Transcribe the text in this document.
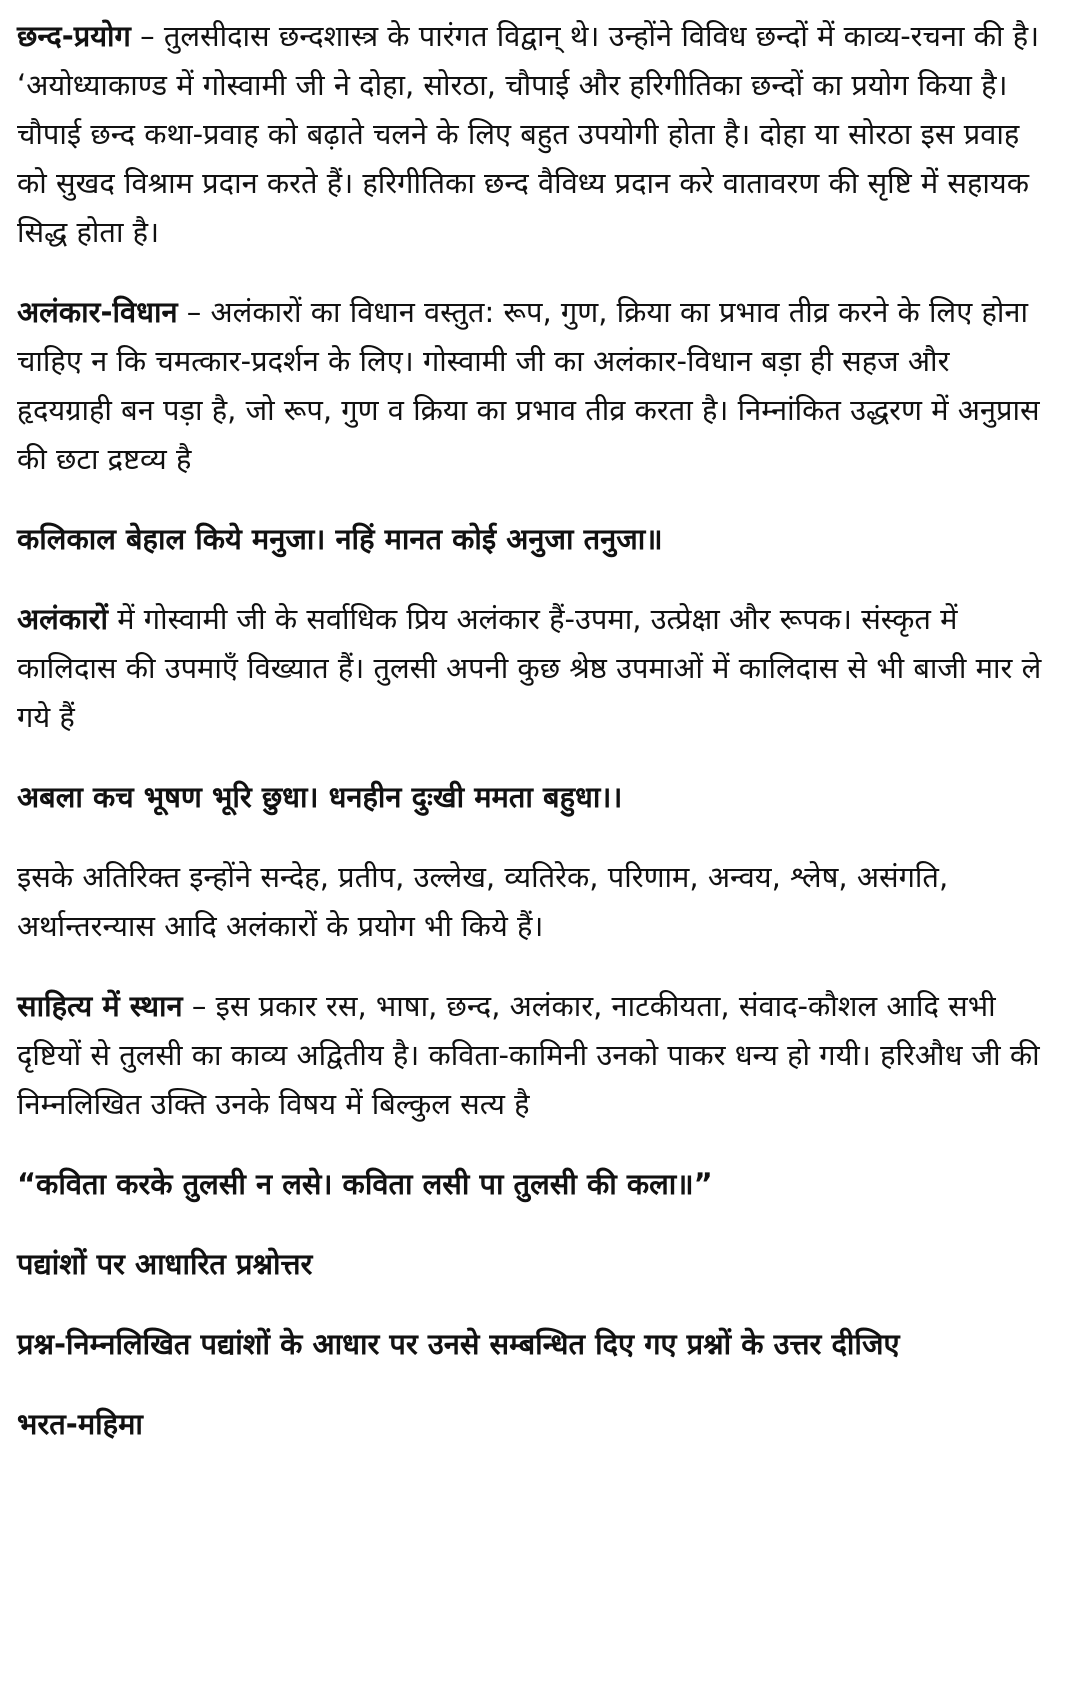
छन्द-प्रयोग – तुलसीदास छन्दशास्त्र के पारंगत विद्वान् थे। उन्होंने विविध छन्दों में काव्य-रचना की है। ‘अयोध्याकाण्ड में गोस्वामी जी ने दोहा, सोरठा, चौपाई और हरिगीतिका छन्दों का प्रयोग किया है। चौपाई छन्द कथा-प्रवाह को बढ़ाते चलने के लिए बहुत उपयोगी होता है। दोहा या सोरठा इस प्रवाह को सुखद विश्राम प्रदान करते हैं। हरिगीतिका छन्द वैविध्य प्रदान करे वातावरण की सृष्टि में सहायक सिद्ध होता है।

अलंकार-विधान – अलंकारों का विधान वस्तुत: रूप, गुण, क्रिया का प्रभाव तीव्र करने के लिए होना चाहिए न कि चमत्कार-प्रदर्शन के लिए। गोस्वामी जी का अलंकार-विधान बड़ा ही सहज और हृदयग्राही बन पड़ा है, जो रूप, गुण व क्रिया का प्रभाव तीव्र करता है। निम्नांकित उद्धरण में अनुप्रास की छटा द्रष्टव्य है

कलिकाल बेहाल किये मनुजा। नहिं मानत कोई अनुजा तनुजा॥

अलंकारों में गोस्वामी जी के सर्वाधिक प्रिय अलंकार हैं-उपमा, उत्प्रेक्षा और रूपक। संस्कृत में कालिदास की उपमाएँ विख्यात हैं। तुलसी अपनी कुछ श्रेष्ठ उपमाओं में कालिदास से भी बाजी मार ले गये हैं

अबला कच भूषण भूरि छुधा। धनहीन दुःखी ममता बहुधा।।

इसके अतिरिक्त इन्होंने सन्देह, प्रतीप, उल्लेख, व्यतिरेक, परिणाम, अन्वय, श्लेष, असंगति, अर्थान्तरन्यास आदि अलंकारों के प्रयोग भी किये हैं।

साहित्य में स्थान – इस प्रकार रस, भाषा, छन्द, अलंकार, नाटकीयता, संवाद-कौशल आदि सभी दृष्टियों से तुलसी का काव्य अद्वितीय है। कविता-कामिनी उनको पाकर धन्य हो गयी। हरिऔध जी की निम्नलिखित उक्ति उनके विषय में बिल्कुल सत्य है

“कविता करके तुलसी न लसे। कविता लसी पा तुलसी की कला॥”

पद्यांशों पर आधारित प्रश्नोत्तर

प्रश्न-निम्नलिखित पद्यांशों के आधार पर उनसे सम्बन्धित दिए गए प्रश्नों के उत्तर दीजिए

भरत-महिमा
